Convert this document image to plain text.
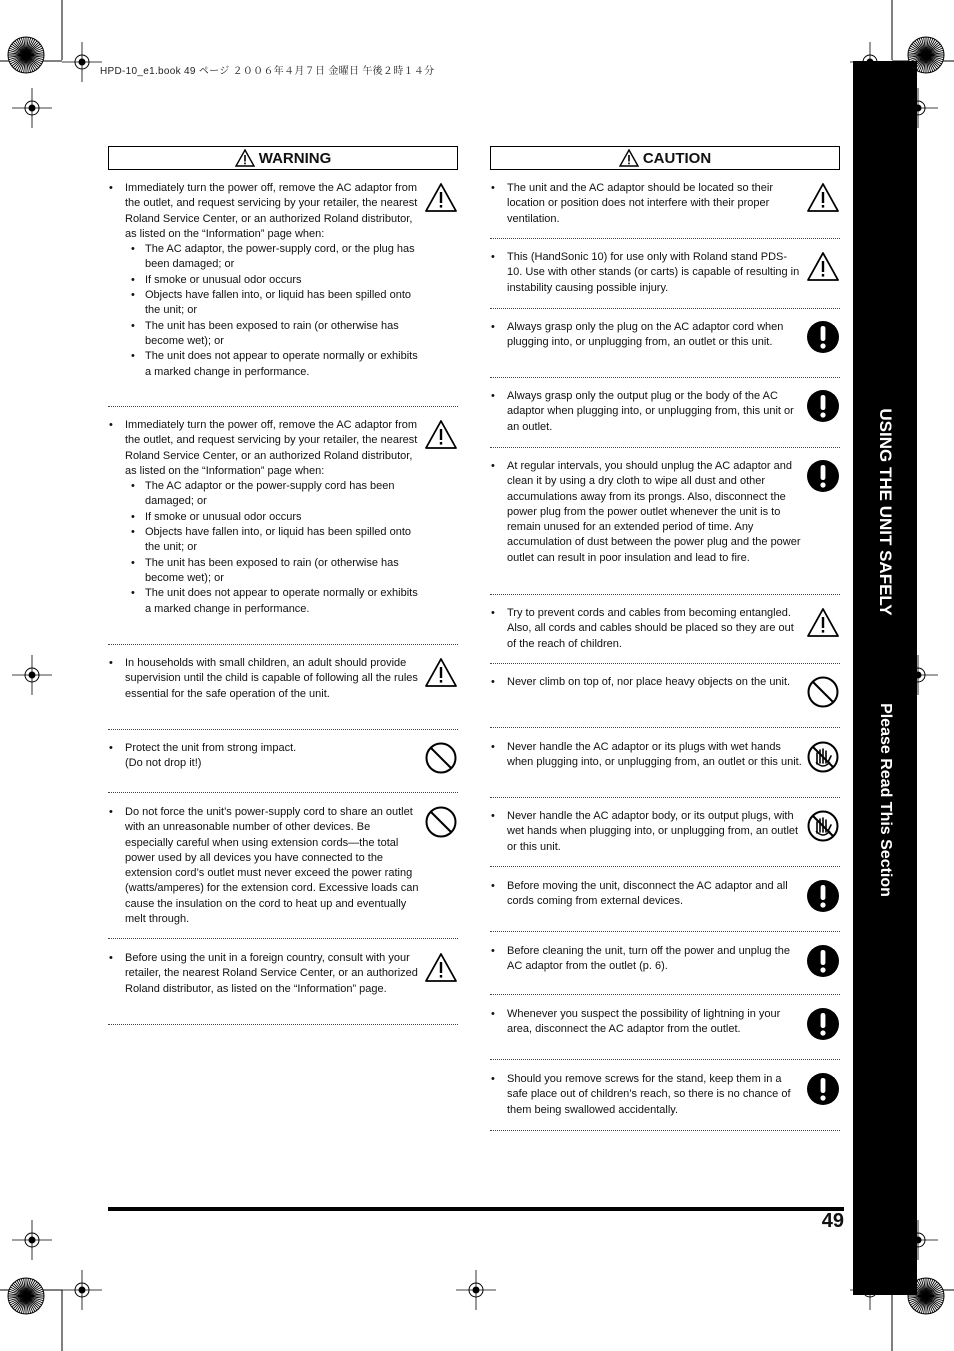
HPD-10_e1.book 49 ページ ２００６年４月７日 金曜日 午後２時１４分
USING THE UNIT SAFELY
Please Read This Section
WARNING
• Immediately turn the power off, remove the AC adaptor from the outlet, and request servicing by your retailer, the nearest Roland Service Center, or an authorized Roland distributor, as listed on the “Information” page when:
• The AC adaptor, the power-supply cord, or the plug has been damaged; or
• If smoke or unusual odor occurs
• Objects have fallen into, or liquid has been spilled onto the unit; or
• The unit has been exposed to rain (or otherwise has become wet); or
• The unit does not appear to operate normally or exhibits a marked change in performance.
• Immediately turn the power off, remove the AC adaptor from the outlet, and request servicing by your retailer, the nearest Roland Service Center, or an authorized Roland distributor, as listed on the “Information” page when:
• The AC adaptor or the power-supply cord has been damaged; or
• If smoke or unusual odor occurs
• Objects have fallen into, or liquid has been spilled onto the unit; or
• The unit has been exposed to rain (or otherwise has become wet); or
• The unit does not appear to operate normally or exhibits a marked change in performance.
• In households with small children, an adult should provide supervision until the child is capable of following all the rules essential for the safe operation of the unit.
• Protect the unit from strong impact.
(Do not drop it!)
• Do not force the unit’s power-supply cord to share an outlet with an unreasonable number of other devices. Be especially careful when using extension cords—the total power used by all devices you have connected to the extension cord’s outlet must never exceed the power rating (watts/amperes) for the extension cord. Excessive loads can cause the insulation on the cord to heat up and eventually melt through.
• Before using the unit in a foreign country, consult with your retailer, the nearest Roland Service Center, or an authorized Roland distributor, as listed on the “Information” page.
CAUTION
• The unit and the AC adaptor should be located so their location or position does not interfere with their proper ventilation.
• This (HandSonic 10) for use only with Roland stand PDS-10. Use with other stands (or carts) is capable of resulting in instability causing possible injury.
• Always grasp only the plug on the AC adaptor cord when plugging into, or unplugging from, an outlet or this unit.
• Always grasp only the output plug or the body of the AC adaptor when plugging into, or unplugging from, this unit or an outlet.
• At regular intervals, you should unplug the AC adaptor and clean it by using a dry cloth to wipe all dust and other accumulations away from its prongs. Also, disconnect the power plug from the power outlet whenever the unit is to remain unused for an extended period of time. Any accumulation of dust between the power plug and the power outlet can result in poor insulation and lead to fire.
• Try to prevent cords and cables from becoming entangled. Also, all cords and cables should be placed so they are out of the reach of children.
• Never climb on top of, nor place heavy objects on the unit.
• Never handle the AC adaptor or its plugs with wet hands when plugging into, or unplugging from, an outlet or this unit.
• Never handle the AC adaptor body, or its output plugs, with wet hands when plugging into, or unplugging from, an outlet or this unit.
• Before moving the unit, disconnect the AC adaptor and all cords coming from external devices.
• Before cleaning the unit, turn off the power and unplug the AC adaptor from the outlet (p. 6).
• Whenever you suspect the possibility of lightning in your area, disconnect the AC adaptor from the outlet.
• Should you remove screws for the stand, keep them in a safe place out of children’s reach, so there is no chance of them being swallowed accidentally.
49
